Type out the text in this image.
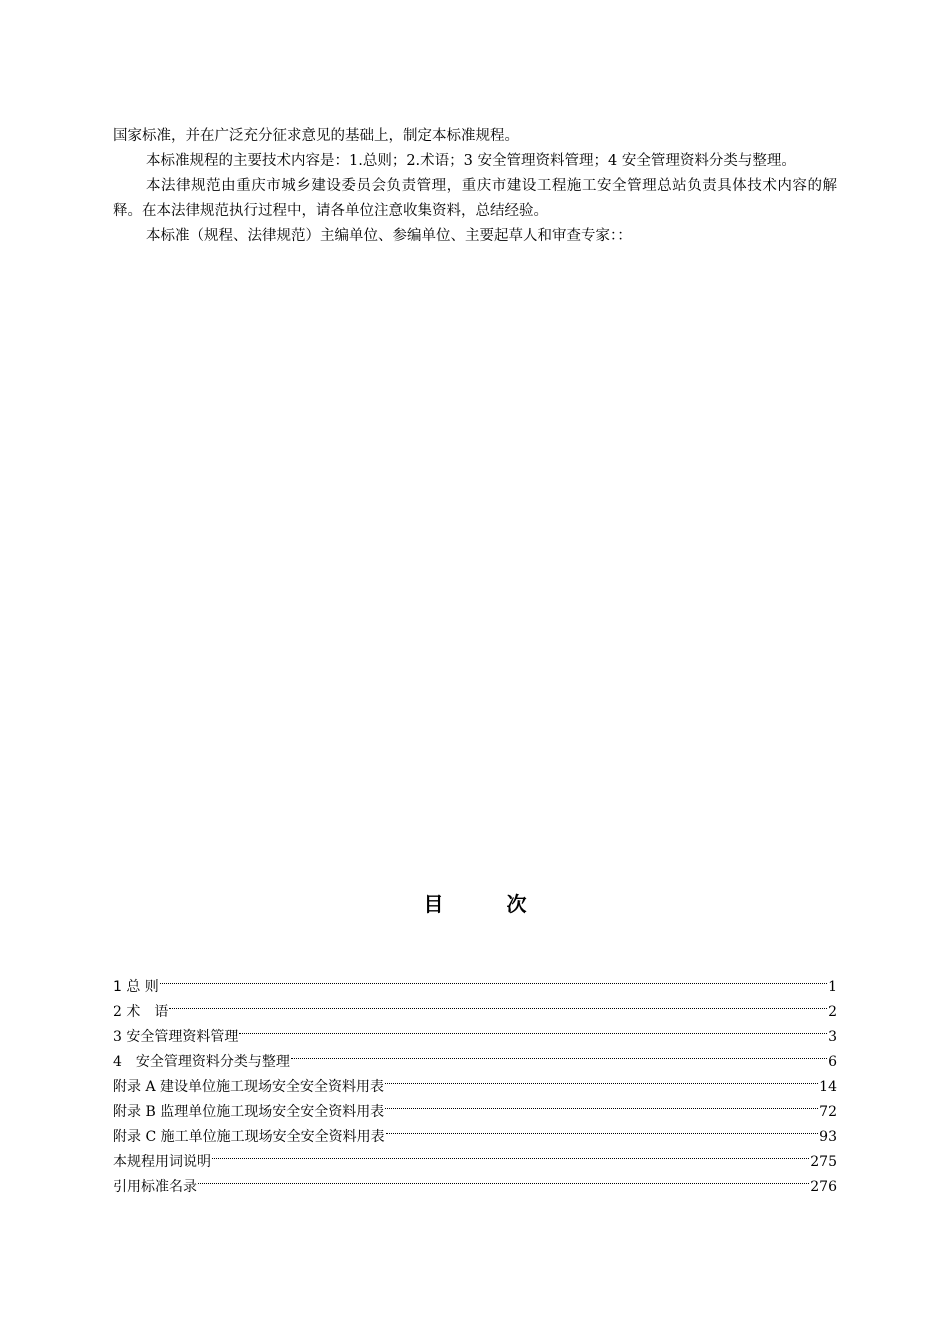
国家标准，并在广泛充分征求意见的基础上，制定本标准规程。

本标准规程的主要技术内容是：1.总则；2.术语；3 安全管理资料管理；4 安全管理资料分类与整理。

本法律规范由重庆市城乡建设委员会负责管理，重庆市建设工程施工安全管理总站负责具体技术内容的解释。在本法律规范执行过程中，请各单位注意收集资料，总结经验。

本标准（规程、法律规范）主编单位、参编单位、主要起草人和审查专家：：

目 次
1 总 则	1
2 术　语	2
3 安全管理资料管理	3
4　安全管理资料分类与整理	6
附录 A 建设单位施工现场安全安全资料用表	14
附录 B 监理单位施工现场安全安全资料用表	72
附录 C 施工单位施工现场安全安全资料用表	93
本规程用词说明	275
引用标准名录	276
